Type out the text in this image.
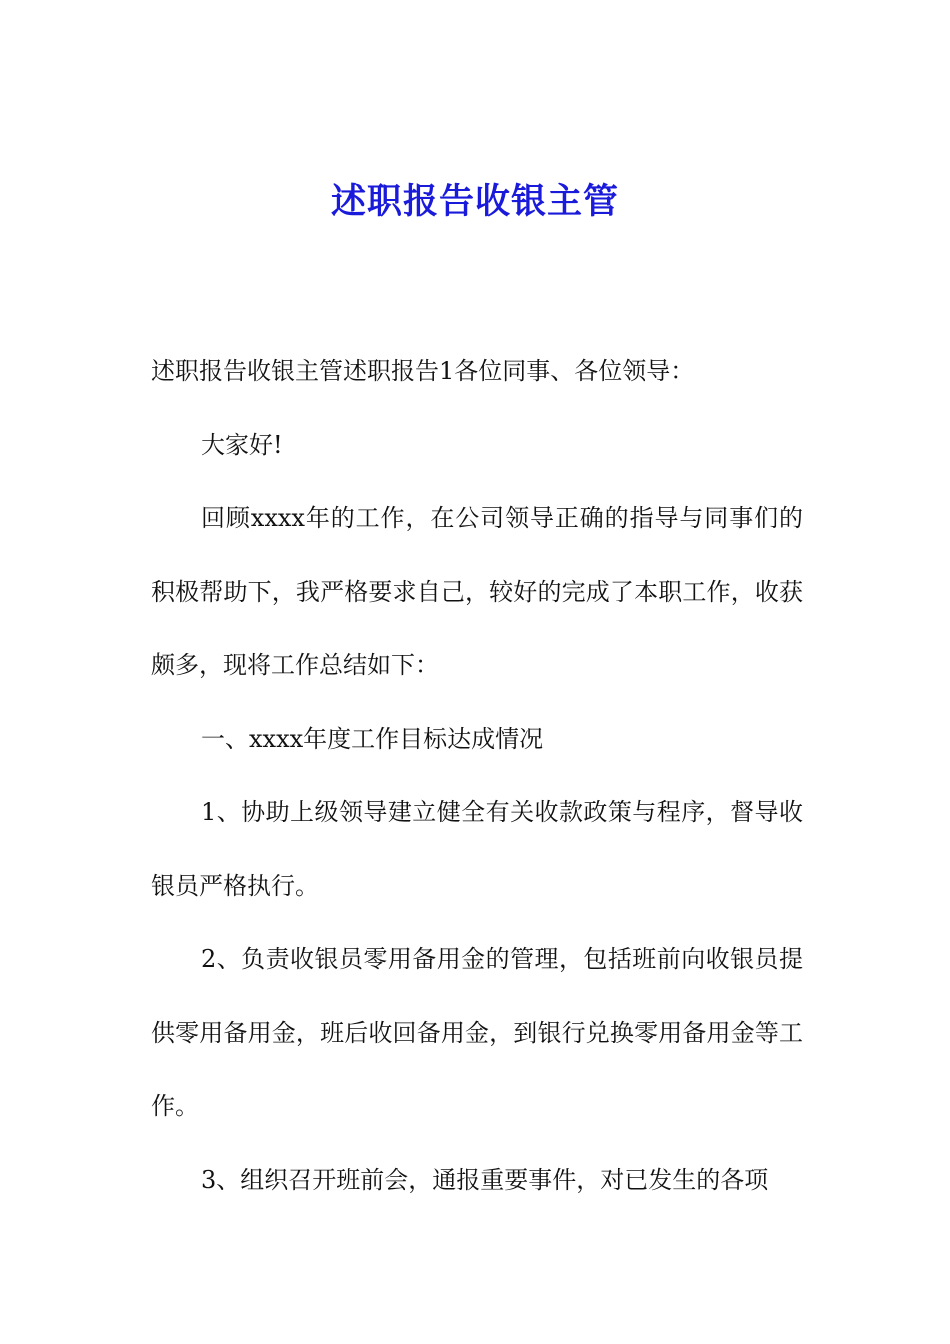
述职报告收银主管

述职报告收银主管述职报告1各位同事、各位领导：

大家好!

回顾xxxx年的工作，在公司领导正确的指导与同事们的积极帮助下，我严格要求自己，较好的完成了本职工作，收获颇多，现将工作总结如下：

一、xxxx年度工作目标达成情况

1、协助上级领导建立健全有关收款政策与程序，督导收银员严格执行。

2、负责收银员零用备用金的管理，包括班前向收银员提供零用备用金，班后收回备用金，到银行兑换零用备用金等工作。

3、组织召开班前会，通报重要事件，对已发生的各项
